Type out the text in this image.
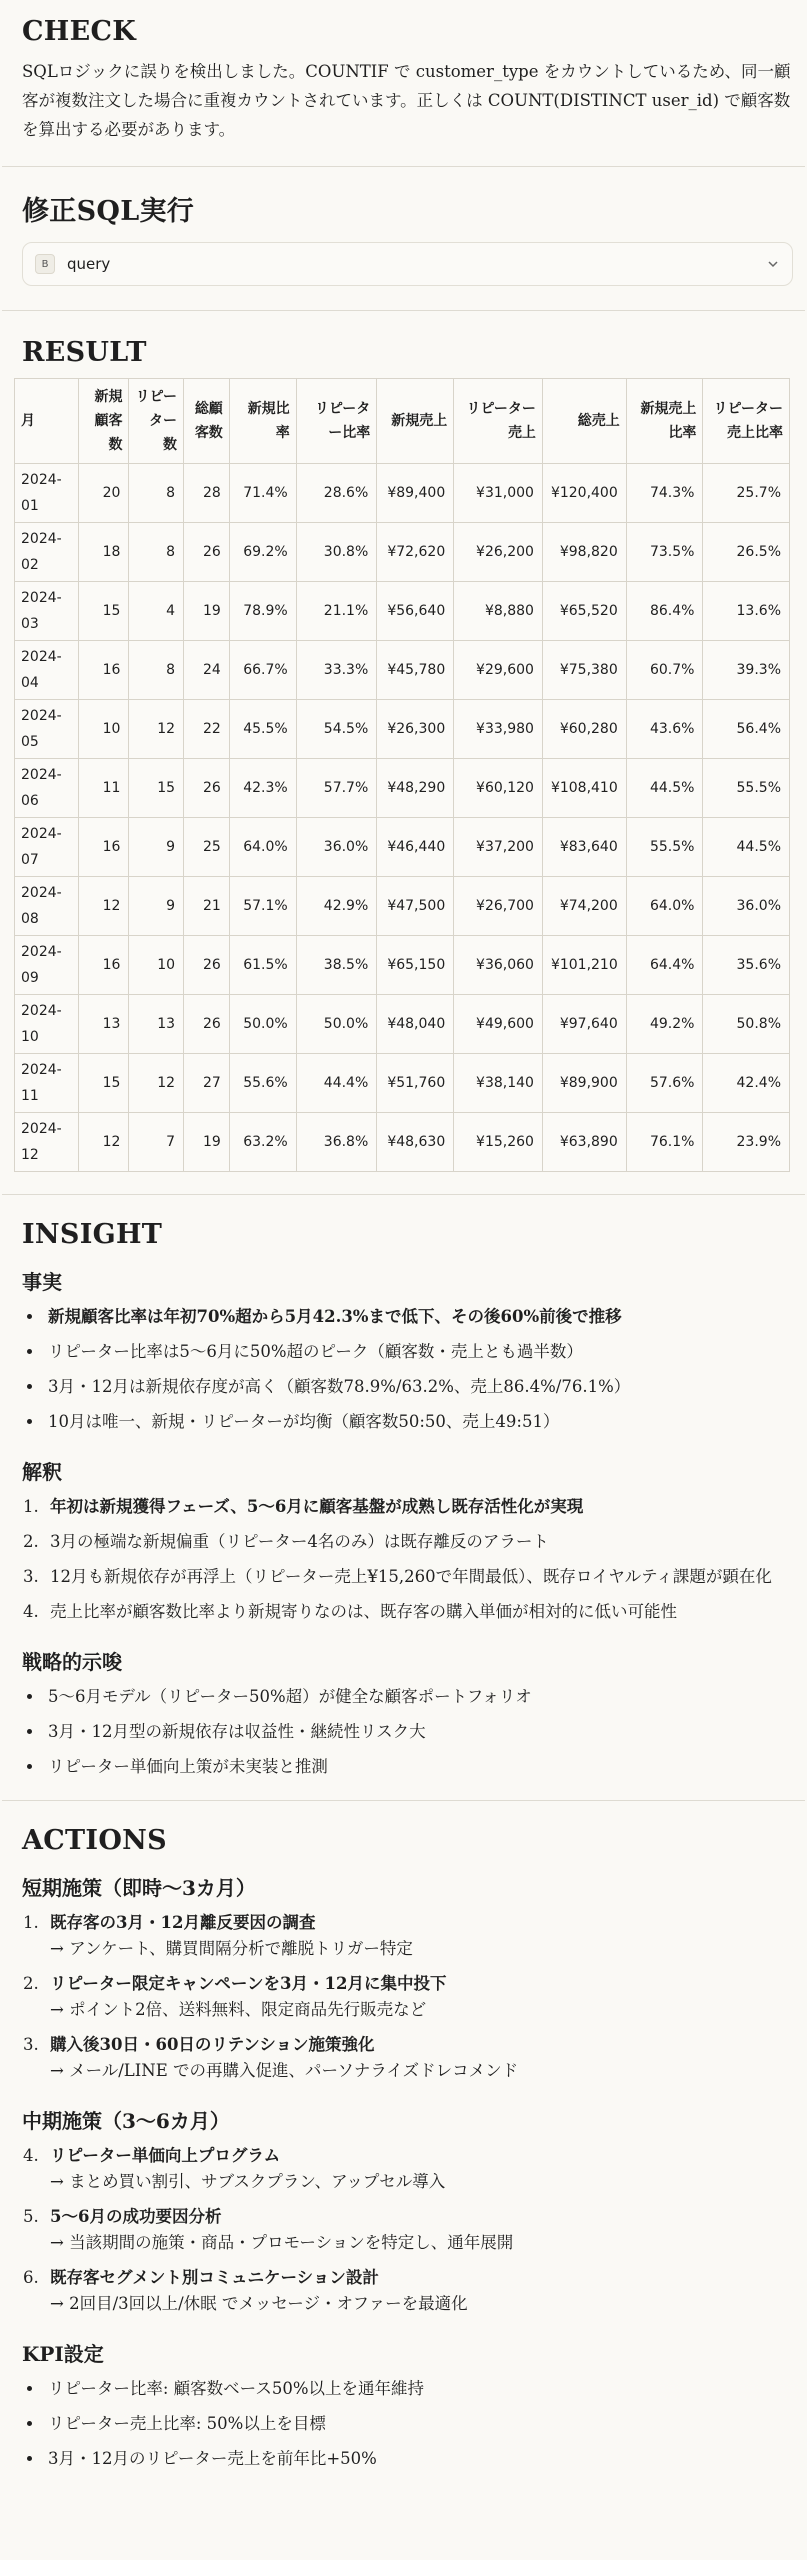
CHECK

SQLロジックに誤りを検出しました。COUNTIF で customer_type をカウントしているため、同一顧客が複数注文した場合に重複カウントされています。正しくは COUNT(DISTINCT user_id) で顧客数を算出する必要があります。

修正SQL実行
B	query
RESULT
月	新規顧客数	リピーター数	総顧客数	新規比率	リピーター比率	新規売上	リピーター売上	総売上	新規売上比率	リピーター売上比率
2024-01	20	8	28	71.4%	28.6%	¥89,400	¥31,000	¥120,400	74.3%	25.7%
2024-02	18	8	26	69.2%	30.8%	¥72,620	¥26,200	¥98,820	73.5%	26.5%
2024-03	15	4	19	78.9%	21.1%	¥56,640	¥8,880	¥65,520	86.4%	13.6%
2024-04	16	8	24	66.7%	33.3%	¥45,780	¥29,600	¥75,380	60.7%	39.3%
2024-05	10	12	22	45.5%	54.5%	¥26,300	¥33,980	¥60,280	43.6%	56.4%
2024-06	11	15	26	42.3%	57.7%	¥48,290	¥60,120	¥108,410	44.5%	55.5%
2024-07	16	9	25	64.0%	36.0%	¥46,440	¥37,200	¥83,640	55.5%	44.5%
2024-08	12	9	21	57.1%	42.9%	¥47,500	¥26,700	¥74,200	64.0%	36.0%
2024-09	16	10	26	61.5%	38.5%	¥65,150	¥36,060	¥101,210	64.4%	35.6%
2024-10	13	13	26	50.0%	50.0%	¥48,040	¥49,600	¥97,640	49.2%	50.8%
2024-11	15	12	27	55.6%	44.4%	¥51,760	¥38,140	¥89,900	57.6%	42.4%
2024-12	12	7	19	63.2%	36.8%	¥48,630	¥15,260	¥63,890	76.1%	23.9%
INSIGHT
事実
• 新規顧客比率は年初70%超から5月42.3%まで低下、その後60%前後で推移
• リピーター比率は5〜6月に50%超のピーク（顧客数・売上とも過半数）
• 3月・12月は新規依存度が高く（顧客数78.9%/63.2%、売上86.4%/76.1%）
• 10月は唯一、新規・リピーターが均衡（顧客数50:50、売上49:51）
解釈
1. 年初は新規獲得フェーズ、5〜6月に顧客基盤が成熟し既存活性化が実現
2. 3月の極端な新規偏重（リピーター4名のみ）は既存離反のアラート
3. 12月も新規依存が再浮上（リピーター売上¥15,260で年間最低）、既存ロイヤルティ課題が顕在化
4. 売上比率が顧客数比率より新規寄りなのは、既存客の購入単価が相対的に低い可能性
戦略的示唆
• 5〜6月モデル（リピーター50%超）が健全な顧客ポートフォリオ
• 3月・12月型の新規依存は収益性・継続性リスク大
• リピーター単価向上策が未実装と推測
ACTIONS
短期施策（即時〜3カ月）
1. 既存客の3月・12月離反要因の調査
→ アンケート、購買間隔分析で離脱トリガー特定
2. リピーター限定キャンペーンを3月・12月に集中投下
→ ポイント2倍、送料無料、限定商品先行販売など
3. 購入後30日・60日のリテンション施策強化
→ メール/LINE での再購入促進、パーソナライズドレコメンド
中期施策（3〜6カ月）
4. リピーター単価向上プログラム
→ まとめ買い割引、サブスクプラン、アップセル導入
5. 5〜6月の成功要因分析
→ 当該期間の施策・商品・プロモーションを特定し、通年展開
6. 既存客セグメント別コミュニケーション設計
→ 2回目/3回以上/休眠 でメッセージ・オファーを最適化
KPI設定
• リピーター比率: 顧客数ベース50%以上を通年維持
• リピーター売上比率: 50%以上を目標
• 3月・12月のリピーター売上を前年比+50%
